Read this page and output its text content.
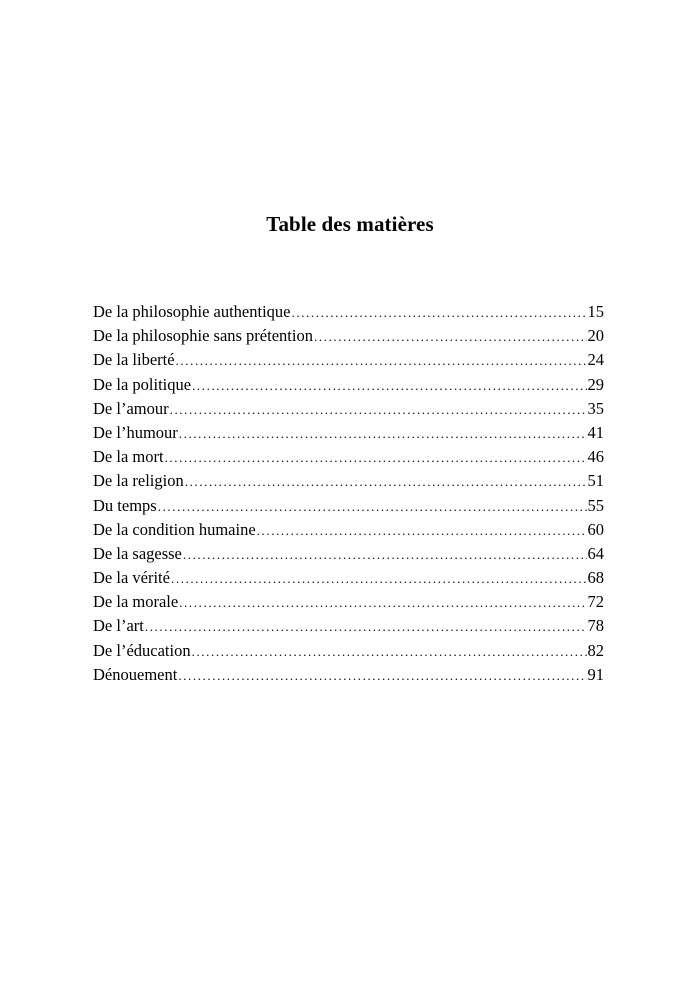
Table des matières
De la philosophie authentique .....	15
De la philosophie sans prétention .....	20
De la liberté .....	24
De la politique .....	29
De l’amour .....	35
De l’humour .....	41
De la mort .....	46
De la religion .....	51
Du temps .....	55
De la condition humaine .....	60
De la sagesse .....	64
De la vérité .....	68
De la morale .....	72
De l’art .....	78
De l’éducation .....	82
Dénouement .....	91
